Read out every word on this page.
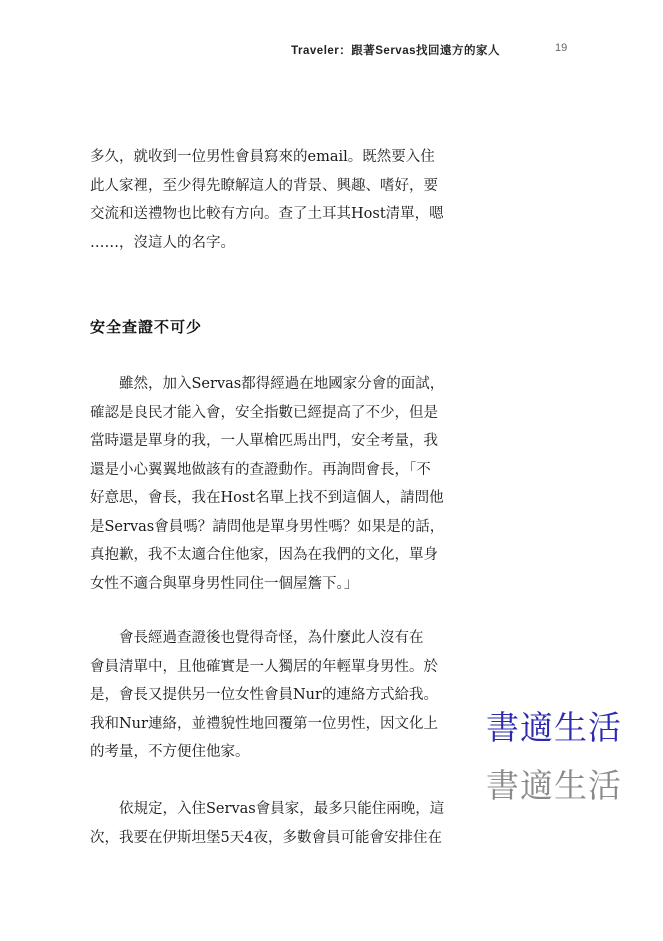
Traveler：跟著Servas找回遠方的家人	19
多久，就收到一位男性會員寫來的email。既然要入住
此人家裡，至少得先瞭解這人的背景、興趣、嗜好，要
交流和送禮物也比較有方向。查了土耳其Host清單，嗯
……，沒這人的名字。
安全查證不可少
　　雖然，加入Servas都得經過在地國家分會的面試，
確認是良民才能入會，安全指數已經提高了不少，但是
當時還是單身的我，一人單槍匹馬出門，安全考量，我
還是小心翼翼地做該有的查證動作。再詢問會長，「不
好意思，會長，我在Host名單上找不到這個人，請問他
是Servas會員嗎？請問他是單身男性嗎？如果是的話，
真抱歉，我不太適合住他家，因為在我們的文化，單身
女性不適合與單身男性同住一個屋簷下。」
　　會長經過查證後也覺得奇怪，為什麼此人沒有在
會員清單中，且他確實是一人獨居的年輕單身男性。於
是，會長又提供另一位女性會員Nur的連絡方式給我。
我和Nur連絡，並禮貌性地回覆第一位男性，因文化上
的考量，不方便住他家。
　　依規定，入住Servas會員家，最多只能住兩晚，這
次，我要在伊斯坦堡5天4夜，多數會員可能會安排住在
書適生活
書適生活
